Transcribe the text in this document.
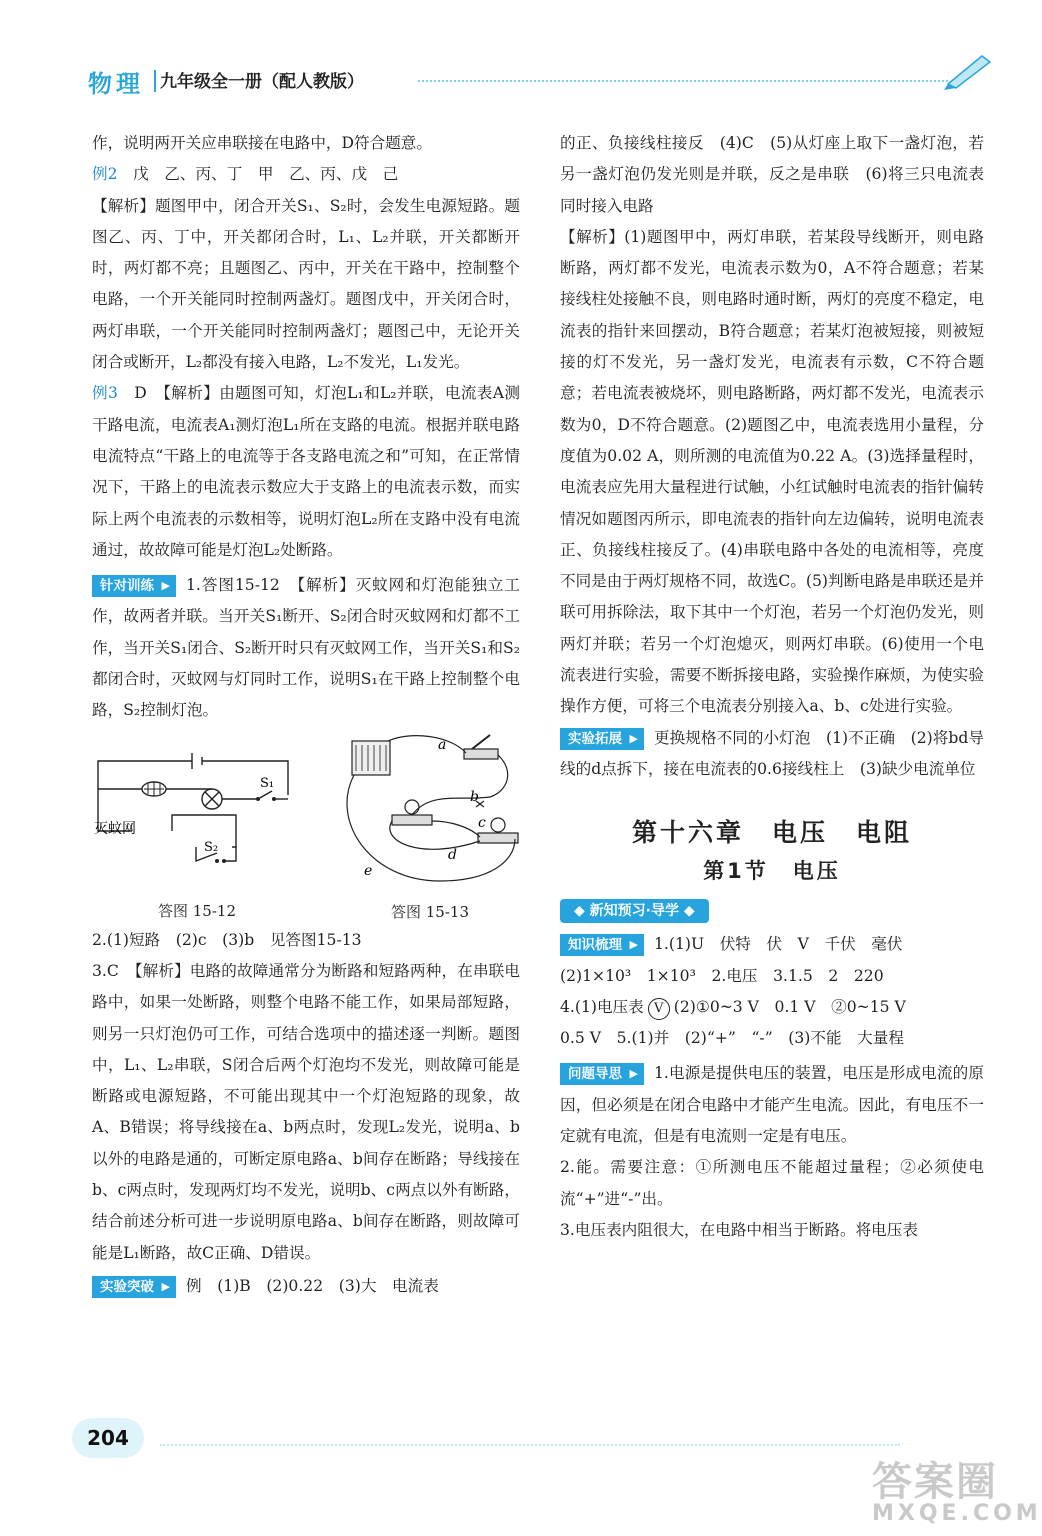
物理 九年级全一册（配人教版）

作，说明两开关应串联接在电路中，D符合题意。

例2　 戊　乙、丙、丁　甲　乙、丙、戊　己

【解析】题图甲中，闭合开关S₁、S₂时，会发生电源短路。题图乙、丙、丁中，开关都闭合时，L₁、L₂并联，开关都断开时，两灯都不亮；且题图乙、丙中，开关在干路中，控制整个电路，一个开关能同时控制两盏灯。题图戊中，开关闭合时，两灯串联，一个开关能同时控制两盏灯；题图己中，无论开关闭合或断开，L₂都没有接入电路，L₂不发光，L₁发光。

例3　 D　【解析】由题图可知，灯泡L₁和L₂并联，电流表A测干路电流，电流表A₁测灯泡L₁所在支路的电流。根据并联电路电流特点“干路上的电流等于各支路电流之和”可知，在正常情况下，干路上的电流表示数应大于支路上的电流表示数，而实际上两个电流表的示数相等，说明灯泡L₂所在支路中没有电流通过，故故障可能是灯泡L₂处断路。

针对训练 ▶ 1.答图15-12　【解析】灭蚊网和灯泡能独立工作，故两者并联。当开关S₁断开、S₂闭合时灭蚊网和灯都不工作，当开关S₁闭合、S₂断开时只有灭蚊网工作，当开关S₁和S₂都闭合时，灭蚊网与灯同时工作，说明S₁在干路上控制整个电路，S₂控制灯泡。

灭蚊网
S₁
S₂
答图 15-12
a
b
c
d
e
答图 15-13

2.(1)短路　(2)c　(3)b　见答图15-13

3.C　【解析】电路的故障通常分为断路和短路两种，在串联电路中，如果一处断路，则整个电路不能工作，如果局部短路，则另一只灯泡仍可工作，可结合选项中的描述逐一判断。题图中，L₁、L₂串联，S闭合后两个灯泡均不发光，则故障可能是断路或电源短路，不可能出现其中一个灯泡短路的现象，故A、B错误；将导线接在a、b两点时，发现L₂发光，说明a、b以外的电路是通的，可断定原电路a、b间存在断路；导线接在b、c两点时，发现两灯均不发光，说明b、c两点以外有断路，结合前述分析可进一步说明原电路a、b间存在断路，则故障可能是L₁断路，故C正确、D错误。

实验突破 ▶ 例　(1)B　(2)0.22　(3)大　电流表

的正、负接线柱接反　(4)C　(5)从灯座上取下一盏灯泡，若另一盏灯泡仍发光则是并联，反之是串联　(6)将三只电流表同时接入电路

【解析】(1)题图甲中，两灯串联，若某段导线断开，则电路断路，两灯都不发光，电流表示数为0，A不符合题意；若某接线柱处接触不良，则电路时通时断，两灯的亮度不稳定，电流表的指针来回摆动，B符合题意；若某灯泡被短接，则被短接的灯不发光，另一盏灯发光，电流表有示数，C不符合题意；若电流表被烧坏，则电路断路，两灯都不发光，电流表示数为0，D不符合题意。(2)题图乙中，电流表选用小量程，分度值为0.02 A，则所测的电流值为0.22 A。(3)选择量程时，电流表应先用大量程进行试触，小红试触时电流表的指针偏转情况如题图丙所示，即电流表的指针向左边偏转，说明电流表正、负接线柱接反了。(4)串联电路中各处的电流相等，亮度不同是由于两灯规格不同，故选C。(5)判断电路是串联还是并联可用拆除法，取下其中一个灯泡，若另一个灯泡仍发光，则两灯并联；若另一个灯泡熄灭，则两灯串联。(6)使用一个电流表进行实验，需要不断拆接电路，实验操作麻烦，为使实验操作方便，可将三个电流表分别接入a、b、c处进行实验。

实验拓展 ▶ 更换规格不同的小灯泡　(1)不正确　(2)将bd导线的d点拆下，接在电流表的0.6接线柱上　(3)缺少电流单位

第十六章　电压　电阻
第1节　电压
◆ 新知预习·导学 ◆

知识梳理 ▶ 1.(1)U　伏特　伏　V　千伏　毫伏

(2)1×10³　1×10³　2.电压　3.1.5　2　220

4.(1)电压表 V (2)①0~3 V　0.1 V　②0~15 V

0.5 V　5.(1)并　(2)“+”　“-”　(3)不能　大量程

问题导思 ▶ 1.电源是提供电压的装置，电压是形成电流的原因，但必须是在闭合电路中才能产生电流。因此，有电压不一定就有电流，但是有电流则一定是有电压。

2.能。需要注意：①所测电压不能超过量程；②必须使电流“+”进“-”出。

3.电压表内阻很大，在电路中相当于断路。将电压表

204
答案圈
MXQE.COM
